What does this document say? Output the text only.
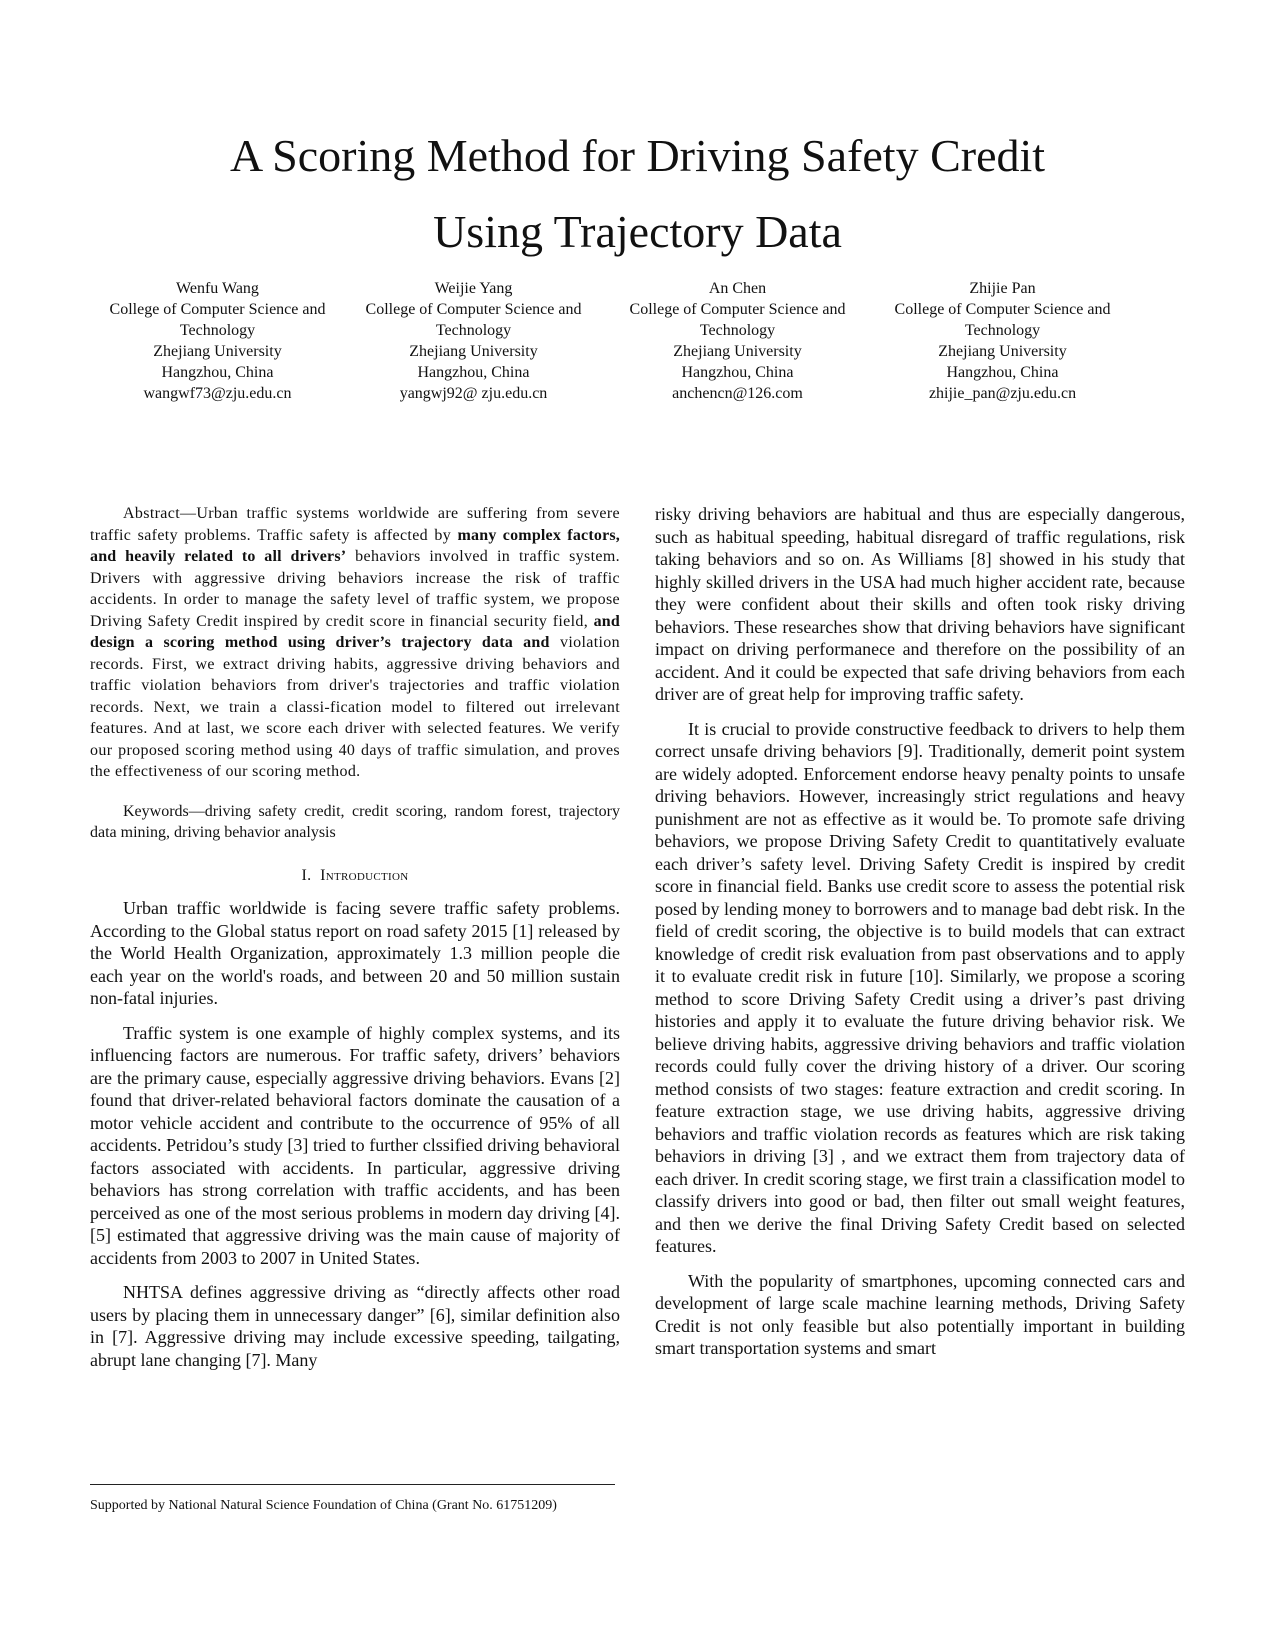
A Scoring Method for Driving Safety Credit
Using Trajectory Data
Wenfu Wang
College of Computer Science and
Technology
Zhejiang University
Hangzhou, China
wangwf73@zju.edu.cn
Weijie Yang
College of Computer Science and
Technology
Zhejiang University
Hangzhou, China
yangwj92@ zju.edu.cn
An Chen
College of Computer Science and
Technology
Zhejiang University
Hangzhou, China
anchencn@126.com
Zhijie Pan
College of Computer Science and
Technology
Zhejiang University
Hangzhou, China
zhijie_pan@zju.edu.cn

Abstract—Urban traffic systems worldwide are suffering from severe traffic safety problems. Traffic safety is affected by many complex factors, and heavily related to all drivers’ behaviors involved in traffic system. Drivers with aggressive driving behaviors increase the risk of traffic accidents. In order to manage the safety level of traffic system, we propose Driving Safety Credit inspired by credit score in financial security field, and design a scoring method using driver’s trajectory data and violation records. First, we extract driving habits, aggressive driving behaviors and traffic violation behaviors from driver's trajectories and traffic violation records. Next, we train a classi-fication model to filtered out irrelevant features. And at last, we score each driver with selected features. We verify our proposed scoring method using 40 days of traffic simulation, and proves the effectiveness of our scoring method.

Keywords—driving safety credit, credit scoring, random forest, trajectory data mining, driving behavior analysis

I. Introduction

Urban traffic worldwide is facing severe traffic safety problems. According to the Global status report on road safety 2015 [1] released by the World Health Organization, approximately 1.3 million people die each year on the world's roads, and between 20 and 50 million sustain non-fatal injuries.

Traffic system is one example of highly complex systems, and its influencing factors are numerous. For traffic safety, drivers’ behaviors are the primary cause, especially aggressive driving behaviors. Evans [2] found that driver-related behavioral factors dominate the causation of a motor vehicle accident and contribute to the occurrence of 95% of all accidents. Petridou’s study [3] tried to further clssified driving behavioral factors associated with accidents. In particular, aggressive driving behaviors has strong correlation with traffic accidents, and has been perceived as one of the most serious problems in modern day driving [4]. [5] estimated that aggressive driving was the main cause of majority of accidents from 2003 to 2007 in United States.

NHTSA defines aggressive driving as “directly affects other road users by placing them in unnecessary danger” [6], similar definition also in [7]. Aggressive driving may include excessive speeding, tailgating, abrupt lane changing [7]. Many

risky driving behaviors are habitual and thus are especially dangerous, such as habitual speeding, habitual disregard of traffic regulations, risk taking behaviors and so on. As Williams [8] showed in his study that highly skilled drivers in the USA had much higher accident rate, because they were confident about their skills and often took risky driving behaviors. These researches show that driving behaviors have significant impact on driving performanece and therefore on the possibility of an accident. And it could be expected that safe driving behaviors from each driver are of great help for improving traffic safety.

It is crucial to provide constructive feedback to drivers to help them correct unsafe driving behaviors [9]. Traditionally, demerit point system are widely adopted. Enforcement endorse heavy penalty points to unsafe driving behaviors. However, increasingly strict regulations and heavy punishment are not as effective as it would be. To promote safe driving behaviors, we propose Driving Safety Credit to quantitatively evaluate each driver’s safety level. Driving Safety Credit is inspired by credit score in financial field. Banks use credit score to assess the potential risk posed by lending money to borrowers and to manage bad debt risk. In the field of credit scoring, the objective is to build models that can extract knowledge of credit risk evaluation from past observations and to apply it to evaluate credit risk in future [10]. Similarly, we propose a scoring method to score Driving Safety Credit using a driver’s past driving histories and apply it to evaluate the future driving behavior risk. We believe driving habits, aggressive driving behaviors and traffic violation records could fully cover the driving history of a driver. Our scoring method consists of two stages: feature extraction and credit scoring. In feature extraction stage, we use driving habits, aggressive driving behaviors and traffic violation records as features which are risk taking behaviors in driving [3] , and we extract them from trajectory data of each driver. In credit scoring stage, we first train a classification model to classify drivers into good or bad, then filter out small weight features, and then we derive the final Driving Safety Credit based on selected features.

With the popularity of smartphones, upcoming connected cars and development of large scale machine learning methods, Driving Safety Credit is not only feasible but also potentially important in building smart transportation systems and smart

Supported by National Natural Science Foundation of China (Grant No. 61751209)
